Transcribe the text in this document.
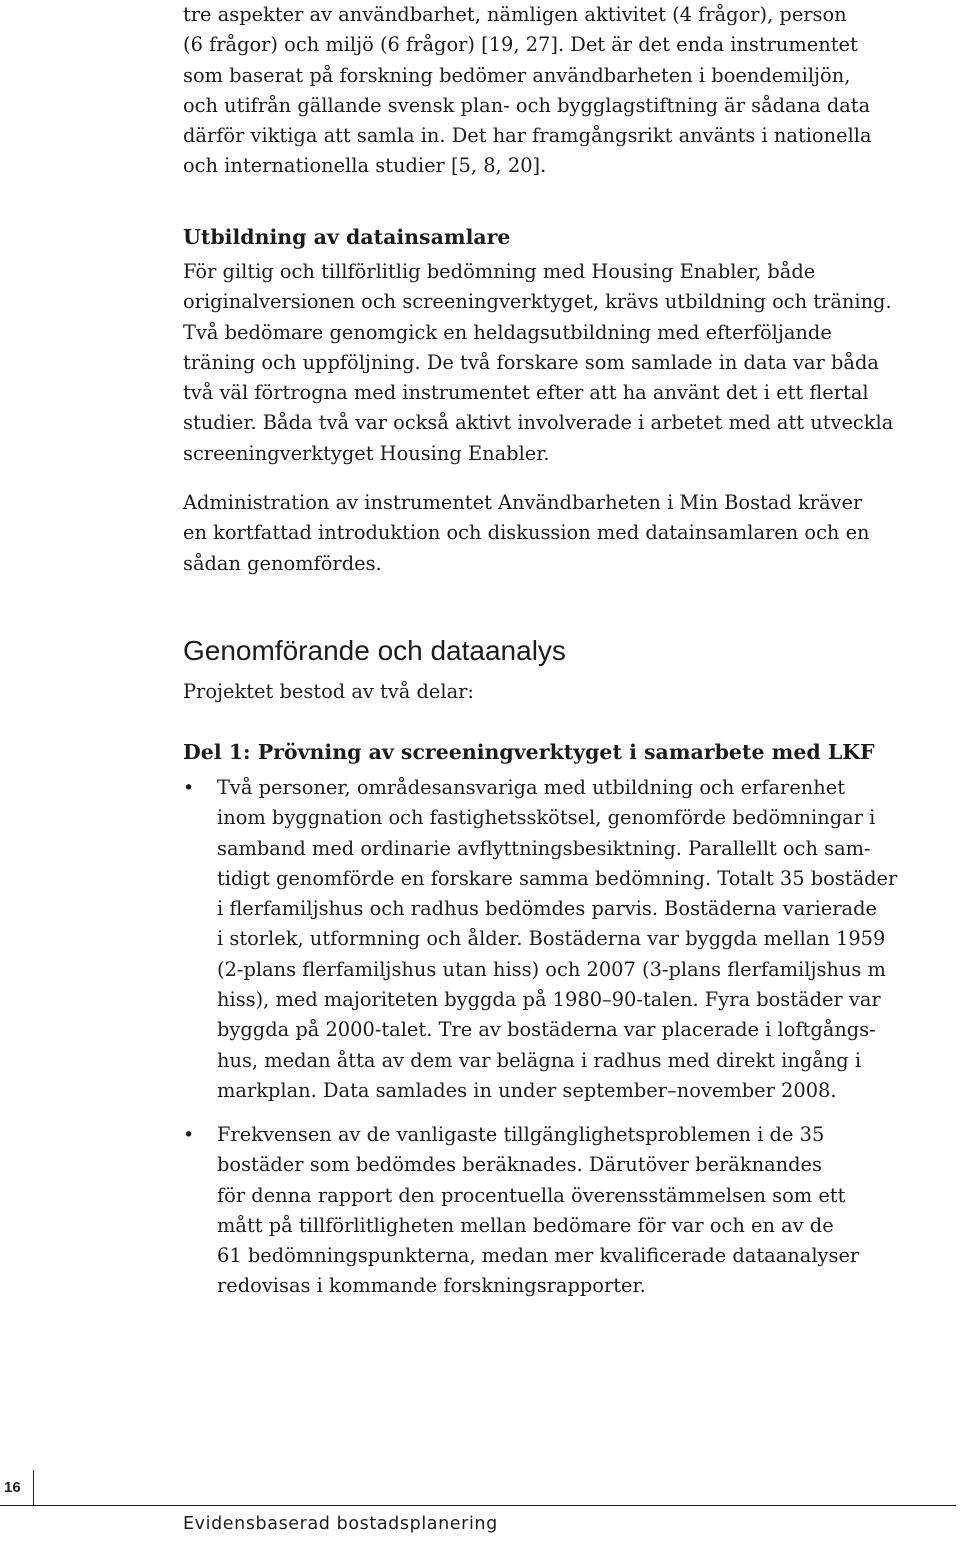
tre aspekter av användbarhet, nämligen aktivitet (4 frågor), person
(6 frågor) och miljö (6 frågor) [19, 27]. Det är det enda instrumentet
som baserat på forskning bedömer användbarheten i boendemiljön,
och utifrån gällande svensk plan- och bygglagstiftning är sådana data
därför viktiga att samla in. Det har framgångsrikt använts i nationella
och internationella studier [5, 8, 20].
Utbildning av datainsamlare
För giltig och tillförlitlig bedömning med Housing Enabler, både
originalversionen och screeningverktyget, krävs utbildning och träning.
Två bedömare genomgick en heldagsutbildning med efterföljande
träning och uppföljning. De två forskare som samlade in data var båda
två väl förtrogna med instrumentet efter att ha använt det i ett flertal
studier. Båda två var också aktivt involverade i arbetet med att utveckla
screeningverktyget Housing Enabler.
Administration av instrumentet Användbarheten i Min Bostad kräver
en kortfattad introduktion och diskussion med datainsamlaren och en
sådan genomfördes.
Genomförande och dataanalys
Projektet bestod av två delar:
Del 1: Prövning av screeningverktyget i samarbete med LKF
• Två personer, områdesansvariga med utbildning och erfarenhet
inom byggnation och fastighetsskötsel, genomförde bedömningar i
samband med ordinarie avflyttningsbesiktning. Parallellt och sam-
tidigt genomförde en forskare samma bedömning. Totalt 35 bostäder
i flerfamiljshus och radhus bedömdes parvis. Bostäderna varierade
i storlek, utformning och ålder. Bostäderna var byggda mellan 1959
(2-plans flerfamiljshus utan hiss) och 2007 (3-plans flerfamiljshus m
hiss), med majoriteten byggda på 1980–90-talen. Fyra bostäder var
byggda på 2000-talet. Tre av bostäderna var placerade i loftgångs-
hus, medan åtta av dem var belägna i radhus med direkt ingång i
markplan. Data samlades in under september–november 2008.
• Frekvensen av de vanligaste tillgänglighetsproblemen i de 35
bostäder som bedömdes beräknades. Därutöver beräknandes
för denna rapport den procentuella överensstämmelsen som ett
mått på tillförlitligheten mellan bedömare för var och en av de
61 bedömningspunkterna, medan mer kvalificerade dataanalyser
redovisas i kommande forskningsrapporter.
16
Evidensbaserad bostadsplanering
